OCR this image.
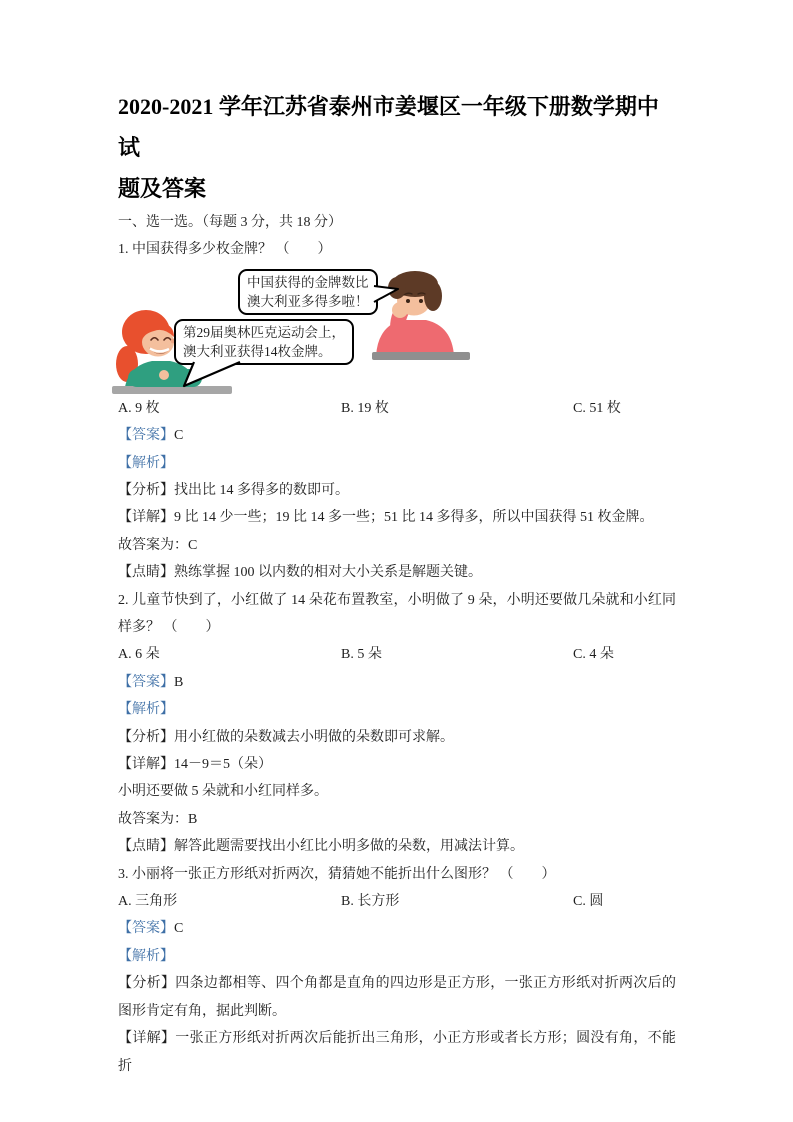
2020-2021 学年江苏省泰州市姜堰区一年级下册数学期中试
题及答案

一、选一选。（每题 3 分，共 18 分）

1. 中国获得多少枚金牌？ （　　）

中国获得的金牌数比
澳大利亚多得多啦！
第29届奥林匹克运动会上，
澳大利亚获得14枚金牌。
A. 9 枚	B. 19 枚	C. 51 枚

【答案】C

【解析】

【分析】找出比 14 多得多的数即可。

【详解】9 比 14 少一些；19 比 14 多一些；51 比 14 多得多，所以中国获得 51 枚金牌。

故答案为：C

【点睛】熟练掌握 100 以内数的相对大小关系是解题关键。

2. 儿童节快到了，小红做了 14 朵花布置教室，小明做了 9 朵，小明还要做几朵就和小红同样多？ （　　）

A. 6 朵	B. 5 朵	C. 4 朵

【答案】B

【解析】

【分析】用小红做的朵数减去小明做的朵数即可求解。

【详解】14－9＝5（朵）

小明还要做 5 朵就和小红同样多。

故答案为：B

【点睛】解答此题需要找出小红比小明多做的朵数，用减法计算。

3. 小丽将一张正方形纸对折两次，猜猜她不能折出什么图形？ （　　）

A. 三角形	B. 长方形	C. 圆

【答案】C

【解析】

【分析】四条边都相等、四个角都是直角的四边形是正方形，一张正方形纸对折两次后的图形肯定有角，据此判断。

【详解】一张正方形纸对折两次后能折出三角形，小正方形或者长方形；圆没有角，不能折
